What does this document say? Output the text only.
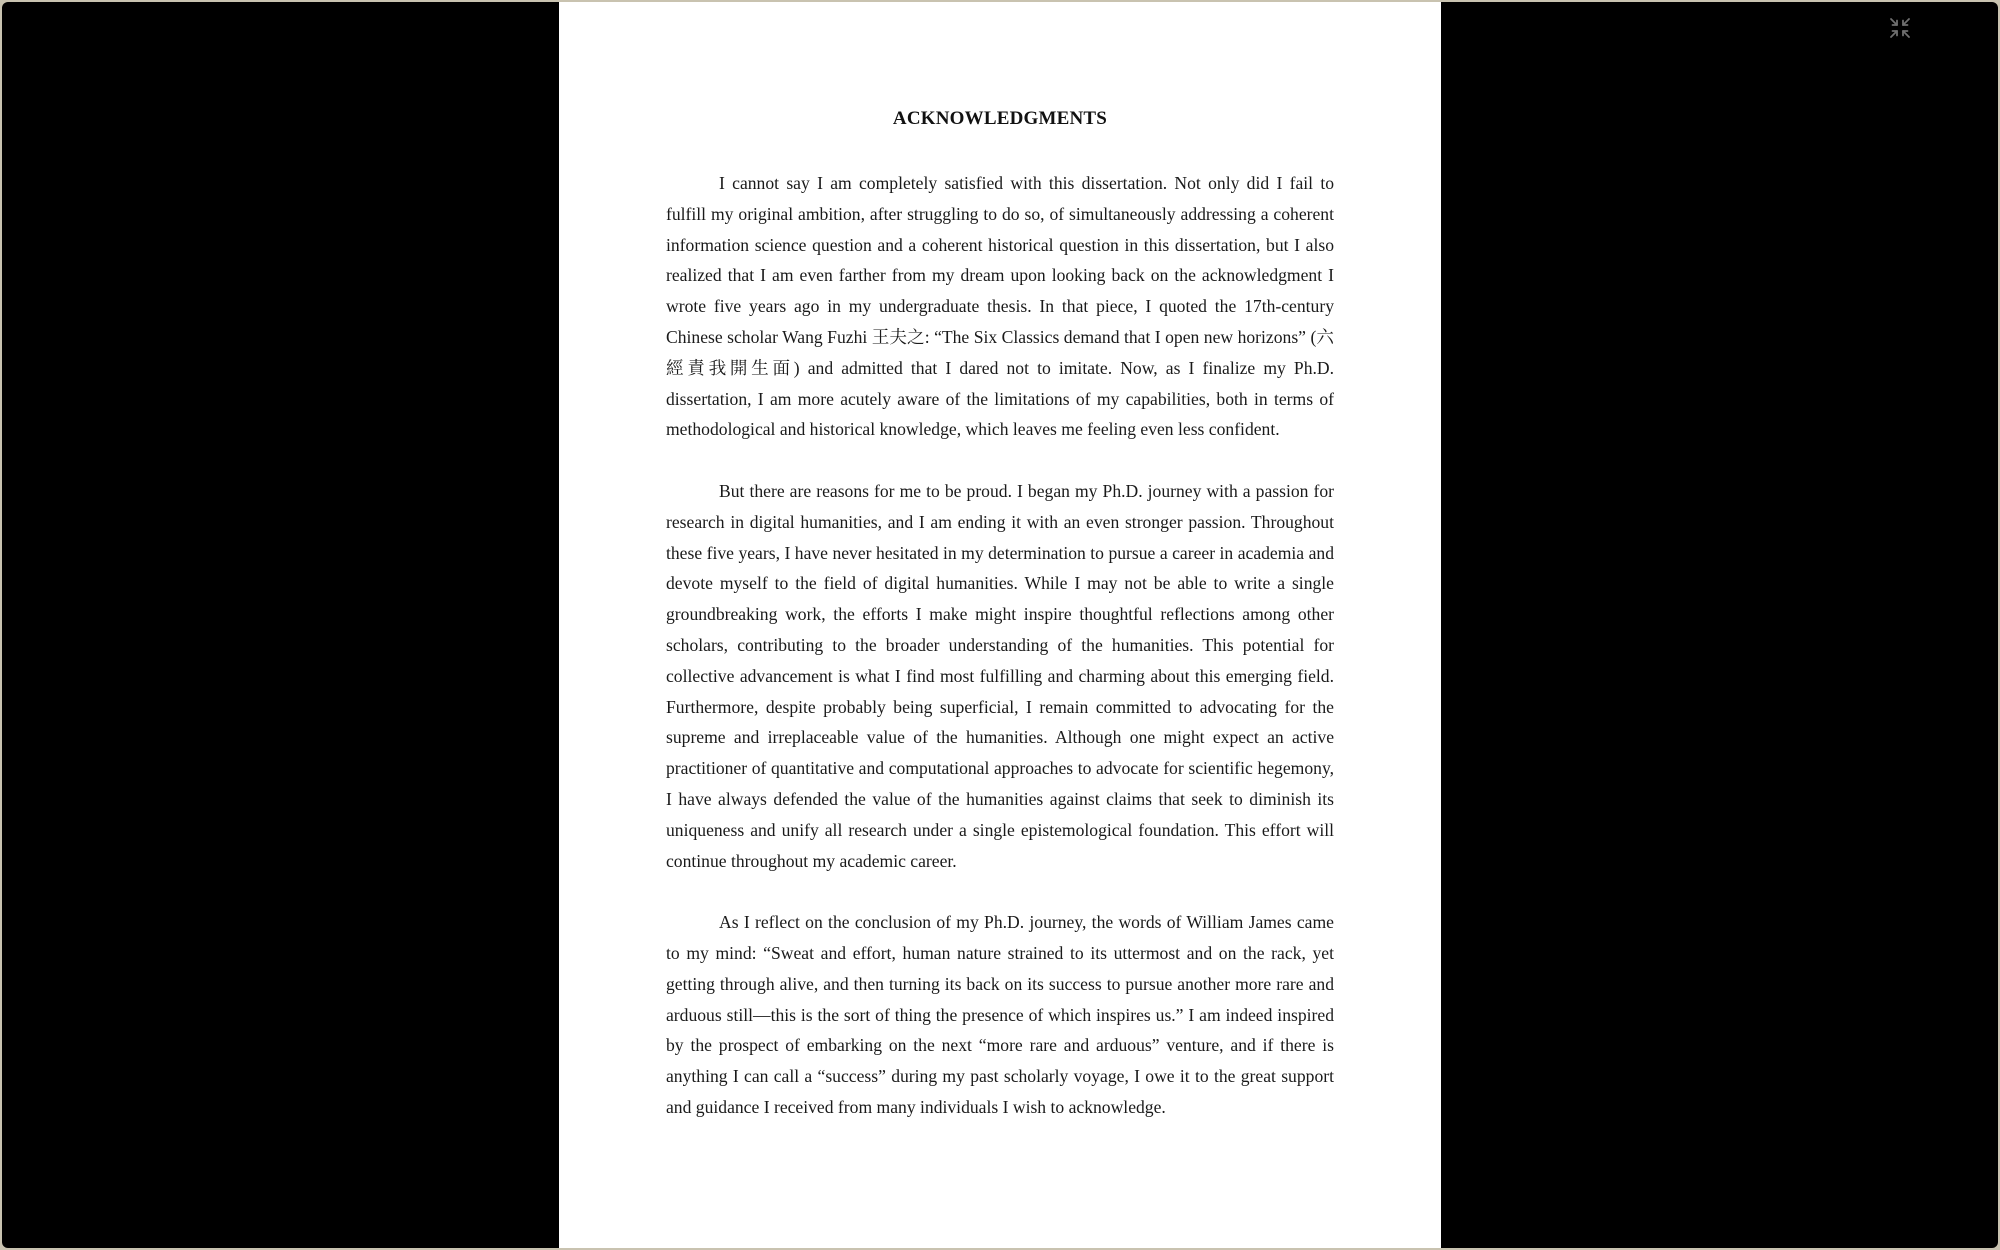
ACKNOWLEDGMENTS

I cannot say I am completely satisfied with this dissertation. Not only did I fail to fulfill my original ambition, after struggling to do so, of simultaneously addressing a coherent information science question and a coherent historical question in this dissertation, but I also realized that I am even farther from my dream upon looking back on the acknowledgment I wrote five years ago in my undergraduate thesis. In that piece, I quoted the 17th-century Chinese scholar Wang Fuzhi 王夫之: “The Six Classics demand that I open new horizons” (六經責我開生面) and admitted that I dared not to imitate. Now, as I finalize my Ph.D. dissertation, I am more acutely aware of the limitations of my capabilities, both in terms of methodological and historical knowledge, which leaves me feeling even less confident.

But there are reasons for me to be proud. I began my Ph.D. journey with a passion for research in digital humanities, and I am ending it with an even stronger passion. Throughout these five years, I have never hesitated in my determination to pursue a career in academia and devote myself to the field of digital humanities. While I may not be able to write a single groundbreaking work, the efforts I make might inspire thoughtful reflections among other scholars, contributing to the broader understanding of the humanities. This potential for collective advancement is what I find most fulfilling and charming about this emerging field. Furthermore, despite probably being superficial, I remain committed to advocating for the supreme and irreplaceable value of the humanities. Although one might expect an active practitioner of quantitative and computational approaches to advocate for scientific hegemony, I have always defended the value of the humanities against claims that seek to diminish its uniqueness and unify all research under a single epistemological foundation. This effort will continue throughout my academic career.

As I reflect on the conclusion of my Ph.D. journey, the words of William James came to my mind: “Sweat and effort, human nature strained to its uttermost and on the rack, yet getting through alive, and then turning its back on its success to pursue another more rare and arduous still—this is the sort of thing the presence of which inspires us.” I am indeed inspired by the prospect of embarking on the next “more rare and arduous” venture, and if there is anything I can call a “success” during my past scholarly voyage, I owe it to the great support and guidance I received from many individuals I wish to acknowledge.
